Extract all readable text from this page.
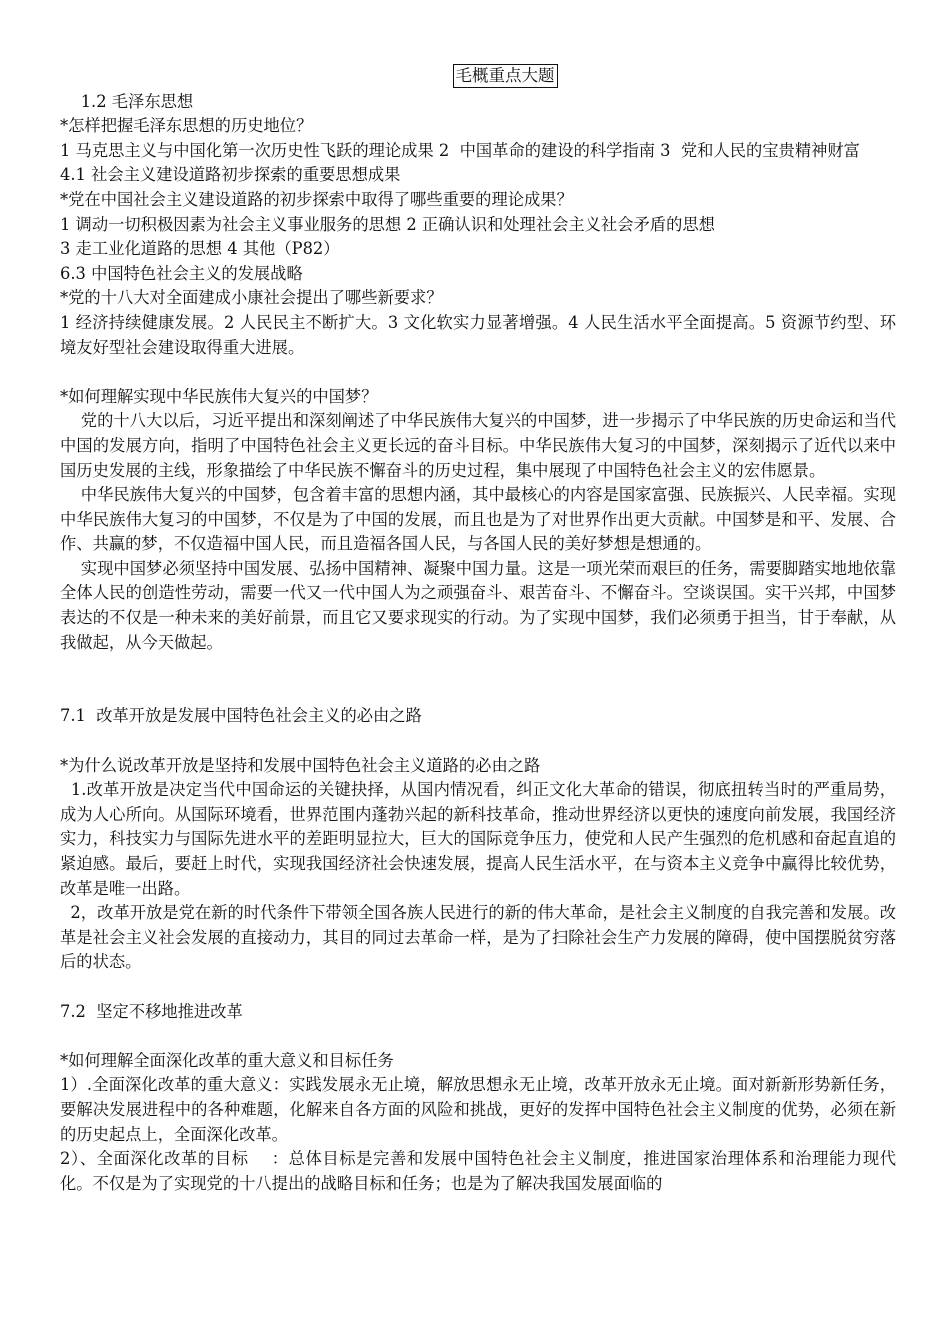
毛概重点大题
1.2 毛泽东思想
*怎样把握毛泽东思想的历史地位？
1 马克思主义与中国化第一次历史性飞跃的理论成果 2  中国革命的建设的科学指南 3  党和人民的宝贵精神财富
4.1 社会主义建设道路初步探索的重要思想成果
*党在中国社会主义建设道路的初步探索中取得了哪些重要的理论成果？
1 调动一切积极因素为社会主义事业服务的思想 2 正确认识和处理社会主义社会矛盾的思想
3 走工业化道路的思想 4 其他（P82）
6.3 中国特色社会主义的发展战略
*党的十八大对全面建成小康社会提出了哪些新要求？
1 经济持续健康发展。2 人民民主不断扩大。3 文化软实力显著增强。4 人民生活水平全面提高。5 资源节约型、环境友好型社会建设取得重大进展。
*如何理解实现中华民族伟大复兴的中国梦？
党的十八大以后，习近平提出和深刻阐述了中华民族伟大复兴的中国梦，进一步揭示了中华民族的历史命运和当代中国的发展方向，指明了中国特色社会主义更长远的奋斗目标。中华民族伟大复习的中国梦，深刻揭示了近代以来中国历史发展的主线，形象描绘了中华民族不懈奋斗的历史过程，集中展现了中国特色社会主义的宏伟愿景。
中华民族伟大复兴的中国梦，包含着丰富的思想内涵，其中最核心的内容是国家富强、民族振兴、人民幸福。实现中华民族伟大复习的中国梦，不仅是为了中国的发展，而且也是为了对世界作出更大贡献。中国梦是和平、发展、合作、共赢的梦，不仅造福中国人民，而且造福各国人民，与各国人民的美好梦想是想通的。
实现中国梦必须坚持中国发展、弘扬中国精神、凝聚中国力量。这是一项光荣而艰巨的任务，需要脚踏实地地依靠全体人民的创造性劳动，需要一代又一代中国人为之顽强奋斗、艰苦奋斗、不懈奋斗。空谈误国。实干兴邦，中国梦表达的不仅是一种未来的美好前景，而且它又要求现实的行动。为了实现中国梦，我们必须勇于担当，甘于奉献，从我做起，从今天做起。
7.1  改革开放是发展中国特色社会主义的必由之路
*为什么说改革开放是坚持和发展中国特色社会主义道路的必由之路
1.改革开放是决定当代中国命运的关键抉择，从国内情况看，纠正文化大革命的错误，彻底扭转当时的严重局势，成为人心所向。从国际环境看，世界范围内蓬勃兴起的新科技革命，推动世界经济以更快的速度向前发展，我国经济实力，科技实力与国际先进水平的差距明显拉大，巨大的国际竞争压力，使党和人民产生强烈的危机感和奋起直追的紧迫感。最后，要赶上时代，实现我国经济社会快速发展，提高人民生活水平，在与资本主义竞争中赢得比较优势，改革是唯一出路。
2，改革开放是党在新的时代条件下带领全国各族人民进行的新的伟大革命，是社会主义制度的自我完善和发展。改革是社会主义社会发展的直接动力，其目的同过去革命一样，是为了扫除社会生产力发展的障碍，使中国摆脱贫穷落后的状态。
7.2  坚定不移地推进改革
*如何理解全面深化改革的重大意义和目标任务
1）.全面深化改革的重大意义：实践发展永无止境，解放思想永无止境，改革开放永无止境。面对新新形势新任务，要解决发展进程中的各种难题，化解来自各方面的风险和挑战，更好的发挥中国特色社会主义制度的优势，必须在新的历史起点上，全面深化改革。
2）、全面深化改革的目标    ：总体目标是完善和发展中国特色社会主义制度，推进国家治理体系和治理能力现代化。不仅是为了实现党的十八提出的战略目标和任务；也是为了解决我国发展面临的
